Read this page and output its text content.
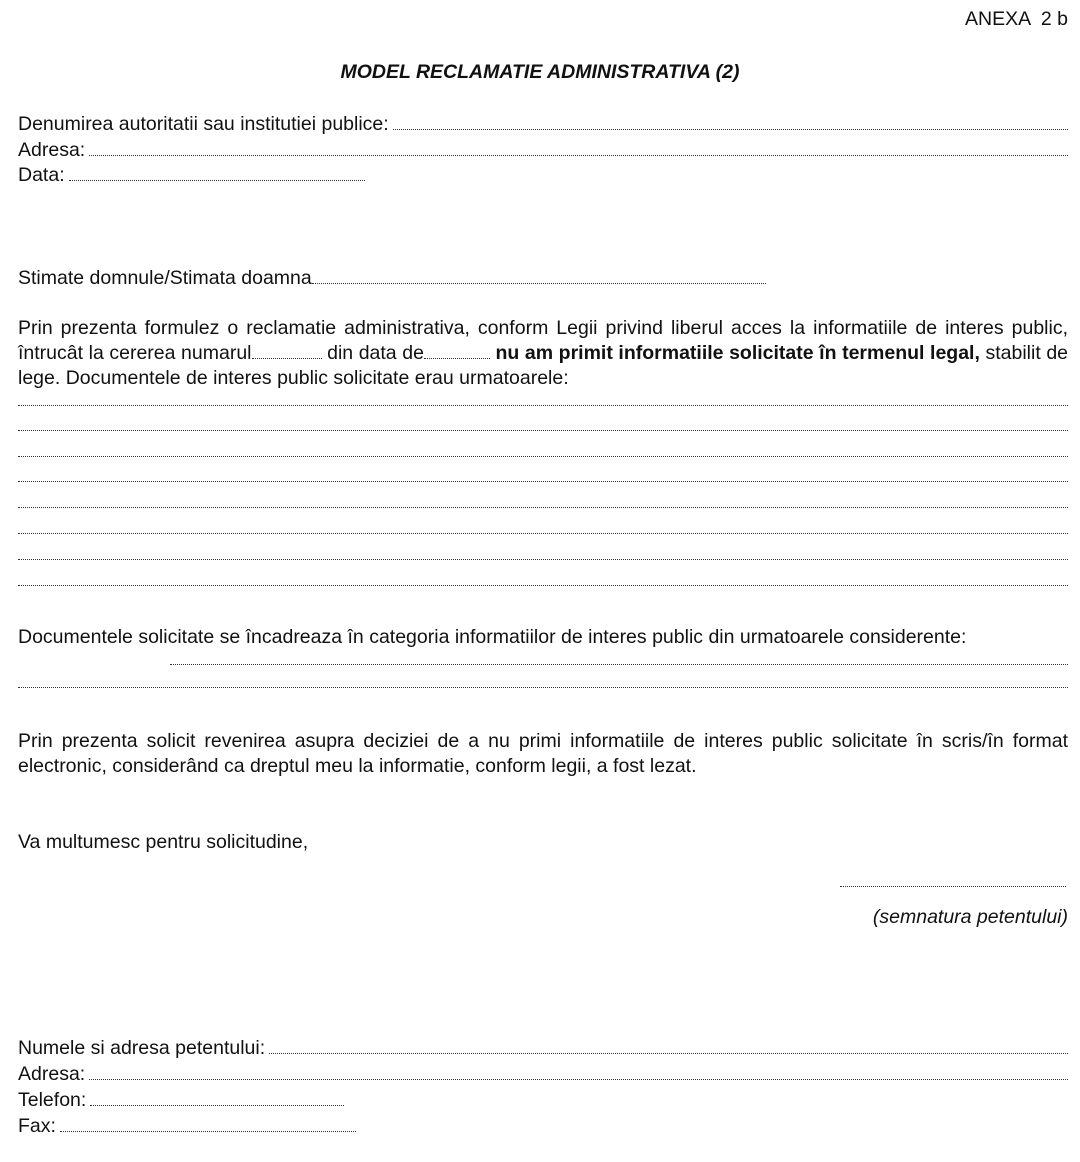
ANEXA  2 b
MODEL RECLAMATIE ADMINISTRATIVA (2)
Denumirea autoritatii sau institutiei publice:
Adresa:
Data:
Stimate domnule/Stimata doamna
Prin prezenta formulez o reclamatie administrativa, conform Legii privind liberul acces la informatiile de interes public, întrucât la cererea numarul	din data de	nu am primit informatiile solicitate în termenul legal, stabilit de lege. Documentele de interes public solicitate erau urmatoarele:
Documentele solicitate se încadreaza în categoria informatiilor de interes public din urmatoarele considerente:
Prin prezenta solicit revenirea asupra deciziei de a nu primi informatiile de interes public solicitate în scris/în format electronic, considerând ca dreptul meu la informatie, conform legii, a fost lezat.
Va multumesc pentru solicitudine,
(semnatura petentului)
Numele si adresa petentului:
Adresa:
Telefon:
Fax:
